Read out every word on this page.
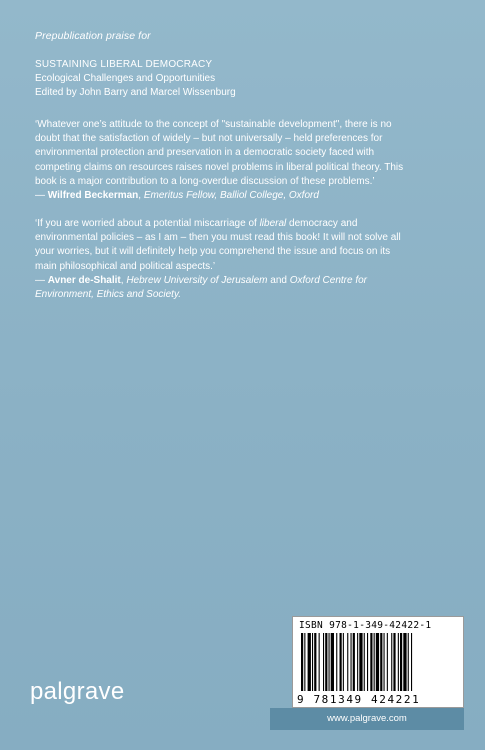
Prepublication praise for
SUSTAINING LIBERAL DEMOCRACY
Ecological Challenges and Opportunities
Edited by John Barry and Marcel Wissenburg
‘Whatever one’s attitude to the concept of "sustainable development", there is no
doubt that the satisfaction of widely – but not universally – held preferences for
environmental protection and preservation in a democratic society faced with
competing claims on resources raises novel problems in liberal political theory. This
book is a major contribution to a long-overdue discussion of these problems.’
— Wilfred Beckerman, Emeritus Fellow, Balliol College, Oxford
‘If you are worried about a potential miscarriage of liberal democracy and
environmental policies – as I am – then you must read this book! It will not solve all
your worries, but it will definitely help you comprehend the issue and focus on its
main philosophical and political aspects.’
— Avner de-Shalit, Hebrew University of Jerusalem and Oxford Centre for
Environment, Ethics and Society.
ISBN 978-1-349-42422-1
9 781349 424221
palgrave
www.palgrave.com
